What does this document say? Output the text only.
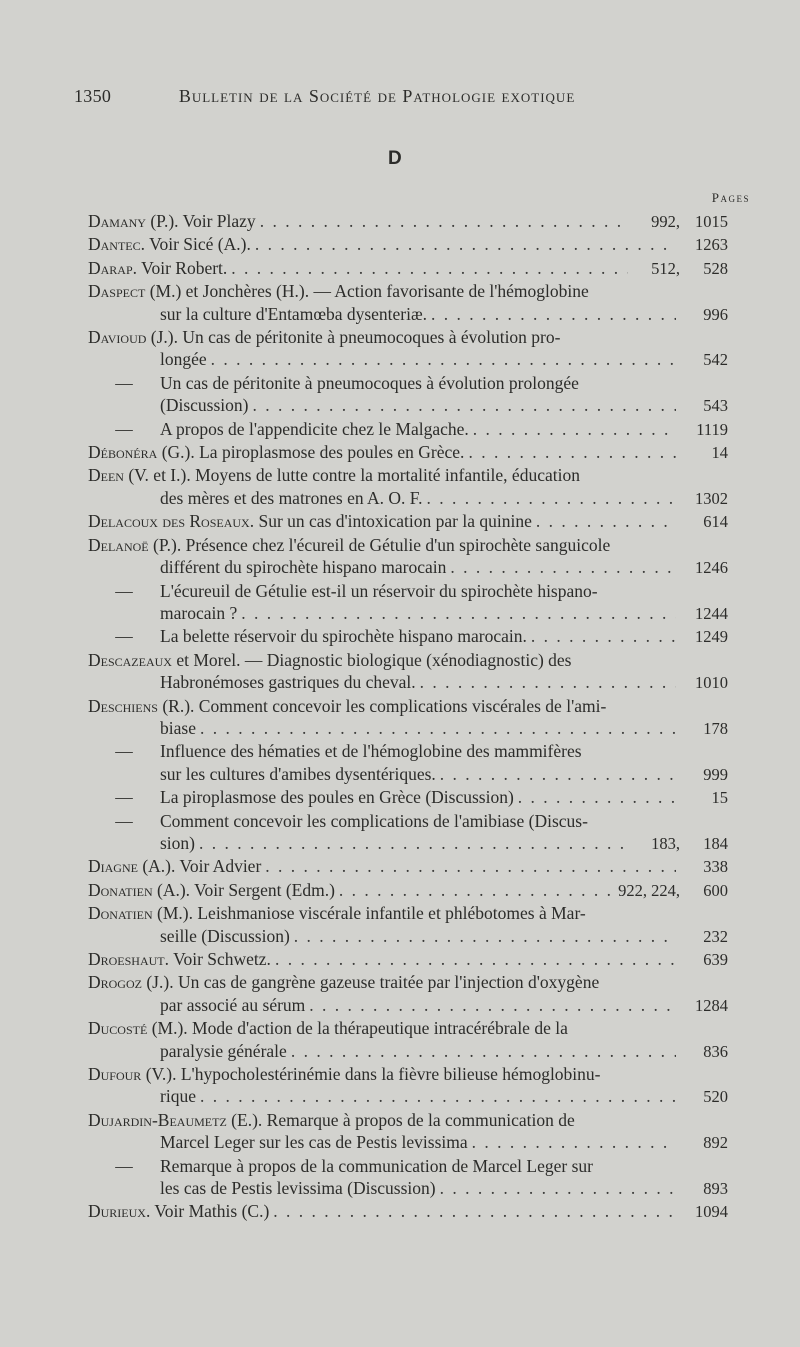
1350	Bulletin de la Société de Pathologie exotique
D
Pages
Damany (P.). Voir Plazy . . .	992, 1015
Dantec. Voir Sicé (A.). . . .	1263
Darap. Voir Robert. . . .	512, 528
Daspect (M.) et Jonchères (H.). — Action favorisante de l'hémoglobine
sur la culture d'Entamœba dysenteriæ. . . .	996
Davioud (J.). Un cas de péritonite à pneumocoques à évolution pro-
longée . . .	542
—	Un cas de péritonite à pneumocoques à évolution prolongée
(Discussion) . . .	543
—	A propos de l'appendicite chez le Malgache. . . .	1119
Débonéra (G.). La piroplasmose des poules en Grèce. . . .	14
Deen (V. et I.). Moyens de lutte contre la mortalité infantile, éducation
des mères et des matrones en A. O. F. . . .	1302
Delacoux des Roseaux. Sur un cas d'intoxication par la quinine . . .	614
Delanoë (P.). Présence chez l'écureil de Gétulie d'un spirochète sanguicole
différent du spirochète hispano marocain . . .	1246
—	L'écureuil de Gétulie est-il un réservoir du spirochète hispano-
marocain ? . . .	1244
—	La belette réservoir du spirochète hispano marocain. . . .	1249
Descazeaux et Morel. — Diagnostic biologique (xénodiagnostic) des
Habronémoses gastriques du cheval. . . .	1010
Deschiens (R.). Comment concevoir les complications viscérales de l'ami-
biase . . .	178
—	Influence des hématies et de l'hémoglobine des mammifères
sur les cultures d'amibes dysentériques. . . .	999
—	La piroplasmose des poules en Grèce (Discussion) . . .	15
—	Comment concevoir les complications de l'amibiase (Discus-
sion) . . .	183, 184
Diagne (A.). Voir Advier . . .	338
Donatien (A.). Voir Sergent (Edm.) . . .	922, 224, 600
Donatien (M.). Leishmaniose viscérale infantile et phlébotomes à Mar-
seille (Discussion) . . .	232
Droeshaut. Voir Schwetz. . . .	639
Drogoz (J.). Un cas de gangrène gazeuse traitée par l'injection d'oxygène
par associé au sérum . . .	1284
Ducosté (M.). Mode d'action de la thérapeutique intracérébrale de la
paralysie générale . . .	836
Dufour (V.). L'hypocholestérinémie dans la fièvre bilieuse hémoglobinu-
rique . . .	520
Dujardin-Beaumetz (E.). Remarque à propos de la communication de
Marcel Leger sur les cas de Pestis levissima . . .	892
—	Remarque à propos de la communication de Marcel Leger sur
les cas de Pestis levissima (Discussion) . . .	893
Durieux. Voir Mathis (C.) . . .	1094
